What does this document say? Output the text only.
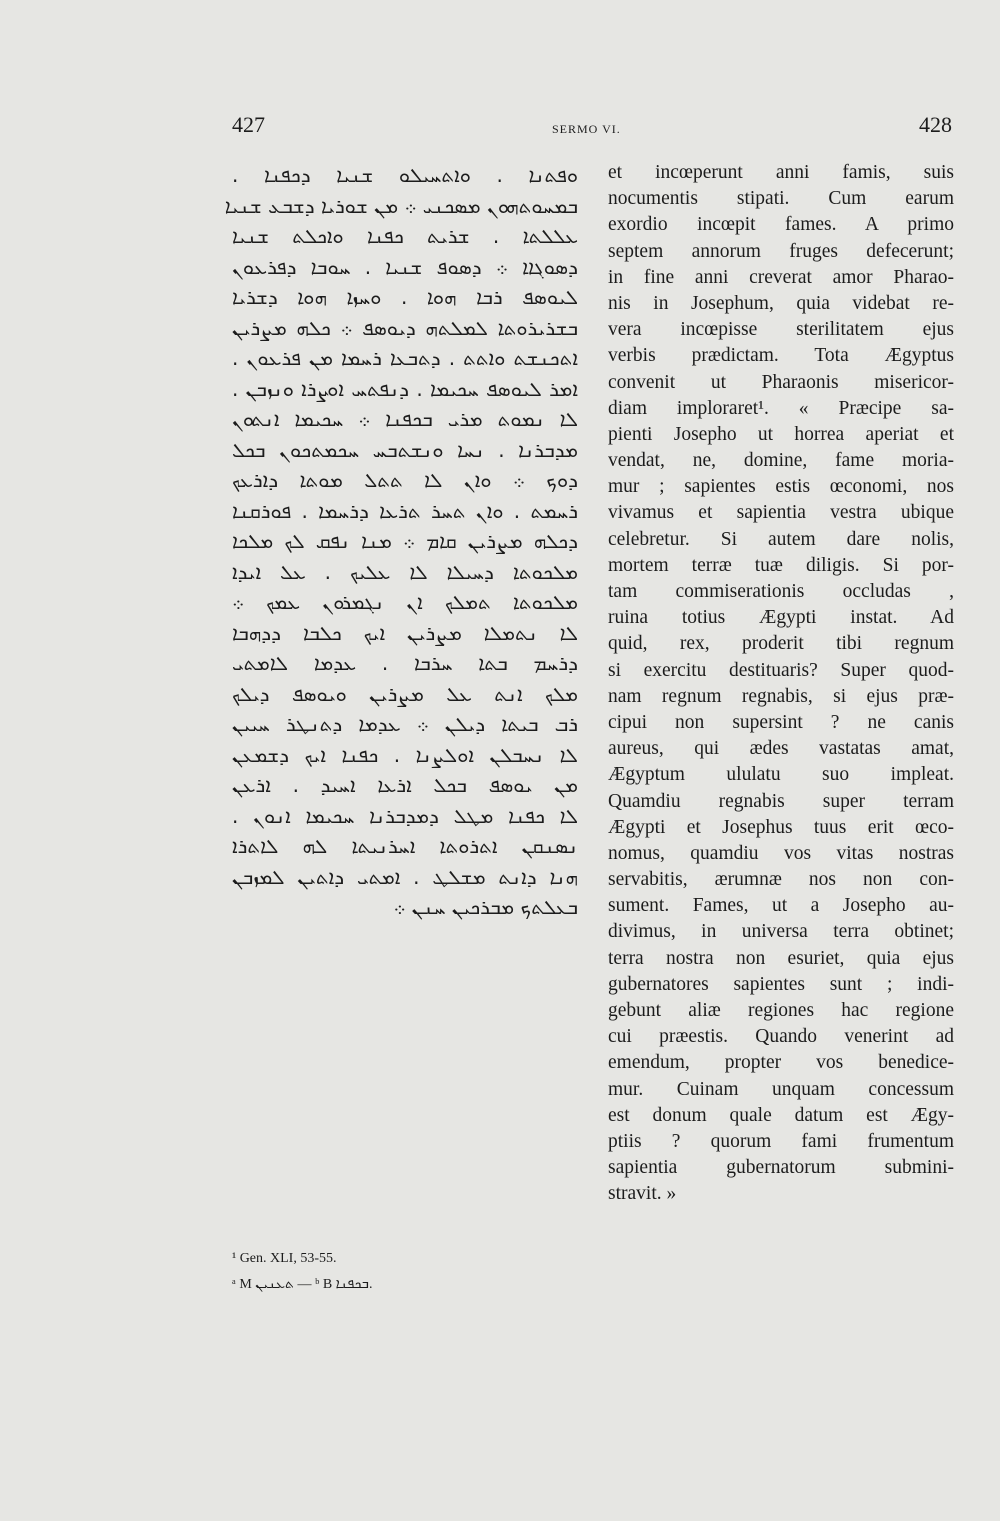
427	SERMO VI.	428
ܘܦܬܢܐ . ܘܐܬܚܝܠܘ ܫܢܝܐ ܕܟܦܢܐ .
ܒܡܚܘܬܗܘܢ ܡܣܟܢܝ ܀ ܡܢ ܫܘܪܝܐ ܕܫܒܥ ܫܢܝܐ
ܥܠܠܬܐ . ܫܪܝܬ ܟܦܢܐ ܘܐܟܠܬ ܫܢܝܐ
ܕܣܘܓܐܐ ܀ ܕܣܘܦ ܫܢܝܐ . ܚܘܒܐ ܕܦܪܥܘܢ
ܠܝܘܣܦ ܪܒܐ ܗܘܐ . ܘܚܙܐ ܗܘܐ ܕܫܪܝܐ
ܒܫܪܝܪܘܬܐ ܠܡܠܬܗ ܕܝܘܣܦ ܀ ܟܠܗ ܡܨܪܝܢ
ܐܬܟܢܫܬ ܘܐܬܬ . ܕܬܒܥܐ ܪܚܡܐ ܡܢ ܦܪܥܘܢ .
ܐܡܪ ܠܝܘܣܦ ܚܟܝܡܐ . ܕܢܦܬܚ ܐܘܨܪܐ ܘܢܙܒܢ .
ܠܐ ܢܡܘܬ ܡܪܝ ܒܟܦܢܐ ܀ ܚܟܝܡܐ ܐܢܬܘܢ
ܡܕܒܪܢܐ . ܢܚܐ ܘܢܫܬܒܚ ܚܟܡܬܟܘܢ ܒܟܠ
ܕܘܟ ܀ ܘܐܢ ܠܐ ܬܬܠ ܡܘܬܐ ܕܐܪܥܟ
ܪܚܡܬ . ܘܐܢ ܬܚܪ ܬܪܥܐ ܕܪܚܡܐ . ܦܘܪܩܢܐ
ܕܟܠܗ ܡܨܪܝܢ ܩܐܡ ܀ ܡܢܐ ܢܦܩ ܠܟ ܡܠܟܐ
ܡܠܟܘܬܐ ܕܚܝܠܐ ܠܐ ܥܠܝܟ . ܥܠ ܐܝܕܐ
ܡܠܟܘܬܐ ܬܡܠܟ ܐܢ ܢܓܡܪܘܢ ܥܡܟ ܀
ܠܐ ܢܬܡܠܐ ܡܨܪܝܢ ܐܝܟ ܟܠܒܐ ܕܕܗܒܐ
ܕܪܚܡ ܒܬܐ ܚܪܒܐ . ܥܕܡܐ ܠܐܡܬܝ
ܡܠܟ ܐܢܬ ܥܠ ܡܨܪܝܢ ܘܝܘܣܦ ܕܝܠܟ
ܪܒ ܒܝܬܐ ܕܝܠܢ ܀ ܥܕܡܐ ܕܬܢܛܪ ܚܝܝܢ
ܠܐ ܢܚܒܠܢ ܐܘܠܨܢܐ . ܟܦܢܐ ܐܝܟ ܕܫܡܥܢ
ܡܢ ܝܘܣܦ ܒܟܠ ܐܪܥܐ ܐܚܝܕ . ܐܪܥܢ
ܠܐ ܟܦܢܐ ܡܛܠ ܕܡܕܒܪܢܐ ܚܟܝܡܐ ܐܢܘܢ .
ܢܣܢܩܢ ܐܬܪܘܬܐ ܐܚܪܢܝܬܐ ܠܗ ܠܐܬܪܐ
ܗܢܐ ܕܐܢܬ ܡܫܠܛ . ܐܡܬܝ ܕܐܬܝܢ ܠܡܙܒܢ
ܒܥܠܬܟ ܡܒܪܟܝܢ ܚܢܢ ܀
et incœperunt anni famis, suis
nocumentis stipati. Cum earum
exordio incœpit fames. A primo
septem annorum fruges defecerunt;
in fine anni creverat amor Pharao-
nis in Josephum, quia videbat re-
vera incœpisse sterilitatem ejus
verbis prædictam. Tota Ægyptus
convenit ut Pharaonis misericor-
diam imploraret¹. « Præcipe sa-
pienti Josepho ut horrea aperiat et
vendat, ne, domine, fame moria-
mur ; sapientes estis œconomi, nos
vivamus et sapientia vestra ubique
celebretur. Si autem dare nolis,
mortem terræ tuæ diligis. Si por-
tam commiserationis occludas ,
ruina totius Ægypti instat. Ad
quid, rex, proderit tibi regnum
si exercitu destituaris? Super quod-
nam regnum regnabis, si ejus præ-
cipui non supersint ? ne canis
aureus, qui ædes vastatas amat,
Ægyptum ululatu suo impleat.
Quamdiu regnabis super terram
Ægypti et Josephus tuus erit œco-
nomus, quamdiu vos vitas nostras
servabitis, ærumnæ nos non con-
sument. Fames, ut a Josepho au-
divimus, in universa terra obtinet;
terra nostra non esuriet, quia ejus
gubernatores sapientes sunt ; indi-
gebunt aliæ regiones hac regione
cui præestis. Quando venerint ad
emendum, propter vos benedice-
mur. Cuinam unquam concessum
est donum quale datum est Ægy-
ptiis ? quorum fami frumentum
sapientia gubernatorum submini-
stravit. »
¹ Gen. XLI, 53-55.
ᵃ M ܬܥܢܝܢ — ᵇ B ܒܟܦܢܐ.
